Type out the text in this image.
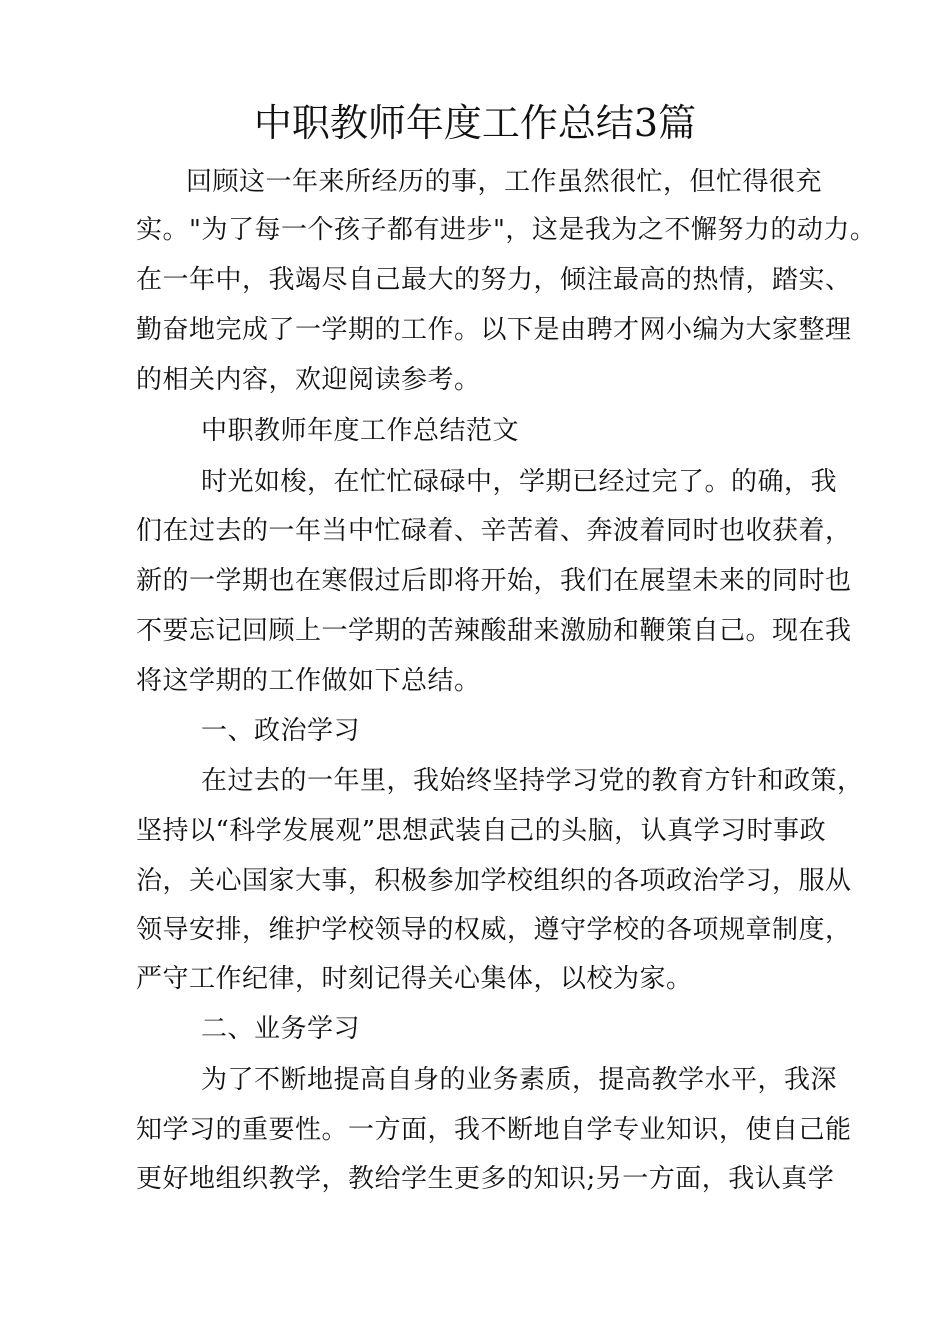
中职教师年度工作总结3篇
回顾这一年来所经历的事，工作虽然很忙，但忙得很充
实。"为了每一个孩子都有进步"，这是我为之不懈努力的动力。
在一年中，我竭尽自己最大的努力，倾注最高的热情，踏实、
勤奋地完成了一学期的工作。以下是由聘才网小编为大家整理
的相关内容，欢迎阅读参考。
中职教师年度工作总结范文
时光如梭，在忙忙碌碌中，学期已经过完了。的确，我
们在过去的一年当中忙碌着、辛苦着、奔波着同时也收获着，
新的一学期也在寒假过后即将开始，我们在展望未来的同时也
不要忘记回顾上一学期的苦辣酸甜来激励和鞭策自己。现在我
将这学期的工作做如下总结。
一、政治学习
在过去的一年里，我始终坚持学习党的教育方针和政策，
坚持以“科学发展观”思想武装自己的头脑，认真学习时事政
治，关心国家大事，积极参加学校组织的各项政治学习，服从
领导安排，维护学校领导的权威，遵守学校的各项规章制度，
严守工作纪律，时刻记得关心集体，以校为家。
二、业务学习
为了不断地提高自身的业务素质，提高教学水平，我深
知学习的重要性。一方面，我不断地自学专业知识，使自己能
更好地组织教学，教给学生更多的知识;另一方面，我认真学
